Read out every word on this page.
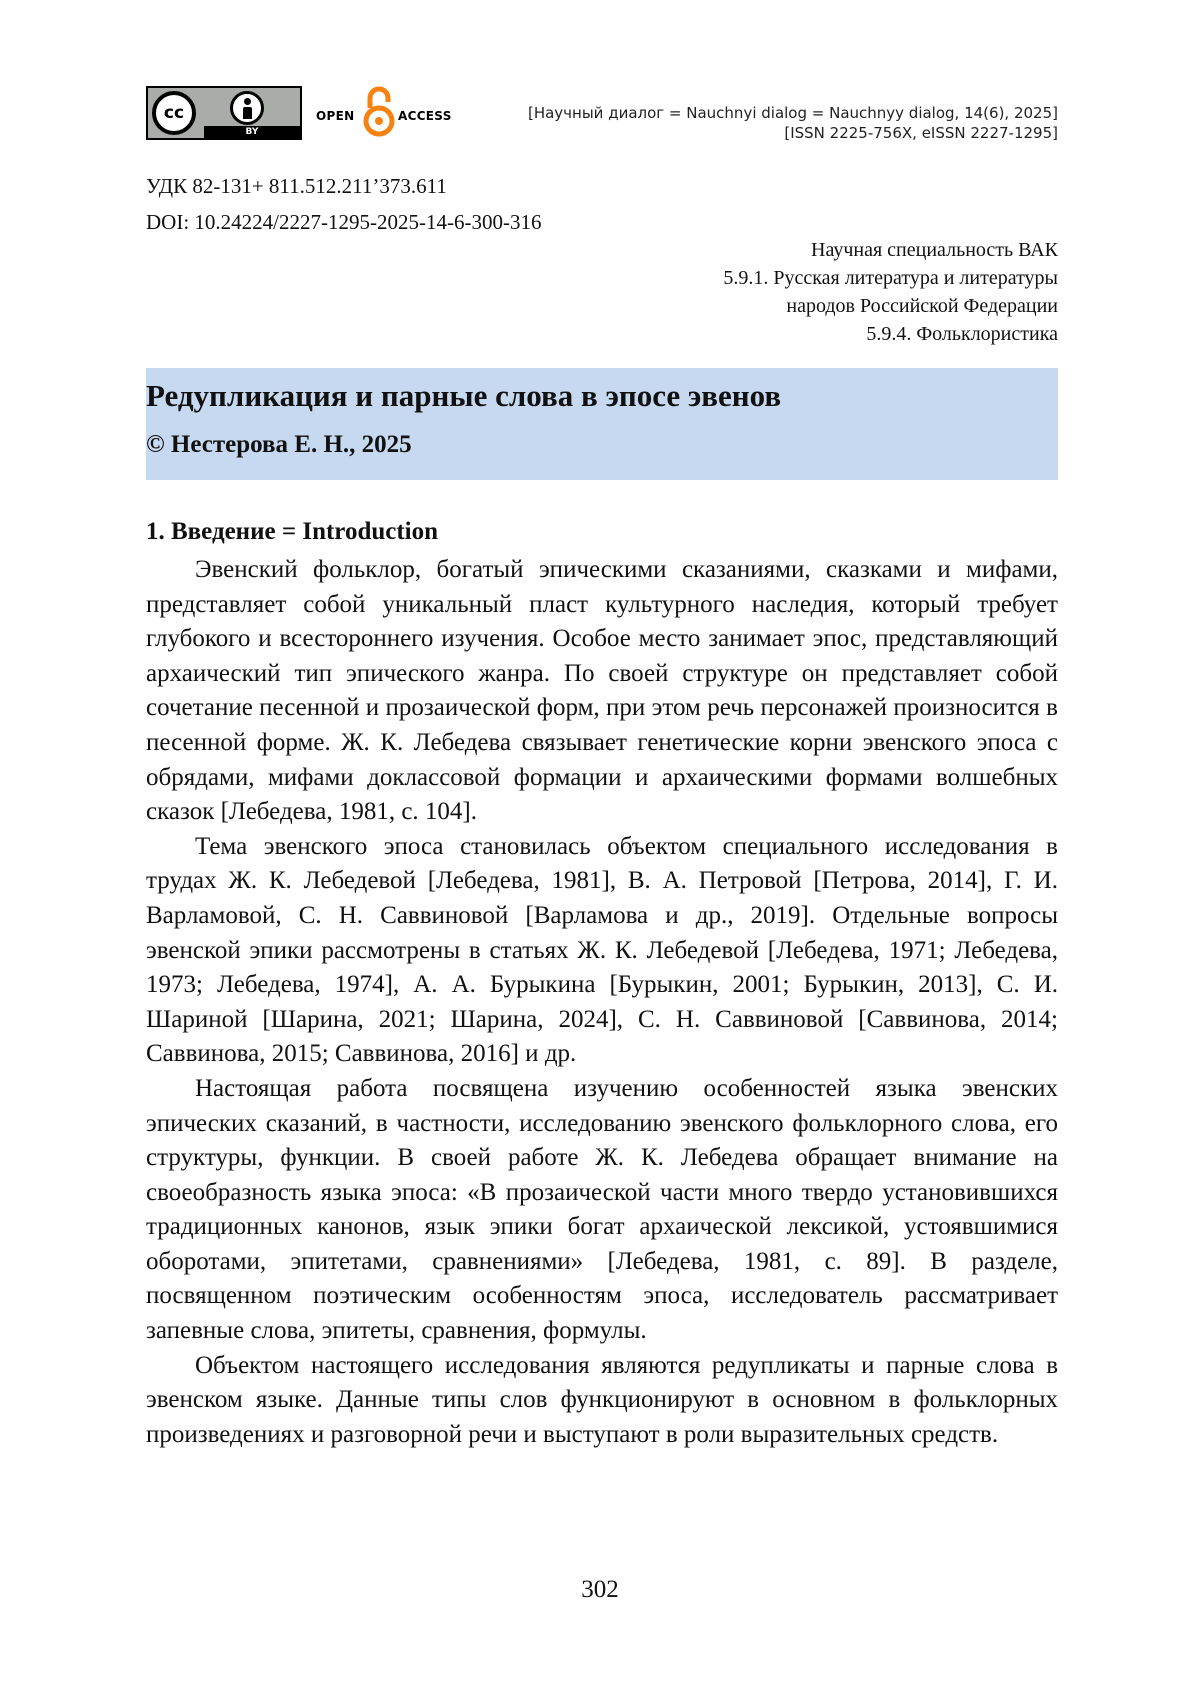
cc
BY
OPEN	ACCESS	[Научный диалог = Nauchnyi dialog = Nauchnyy dialog, 14(6), 2025]
[ISSN 2225-756X, eISSN 2227-1295]
УДК 82-131+ 811.512.211’373.611
DOI: 10.24224/2227-1295-2025-14-6-300-316
Научная специальность ВАК
5.9.1. Русская литература и литературы
народов Российской Федерации
5.9.4. Фольклористика
Редупликация и парные слова в эпосе эвенов
© Нестерова Е. Н., 2025
1. Введение = Introduction

Эвенский фольклор, богатый эпическими сказаниями, сказками и мифами, представляет собой уникальный пласт культурного наследия, который требует глубокого и всестороннего изучения. Особое место занимает эпос, представляющий архаический тип эпического жанра. По своей структуре он представляет собой сочетание песенной и прозаической форм, при этом речь персонажей произносится в песенной форме. Ж. К. Лебедева связывает генетические корни эвенского эпоса с обрядами, мифами доклассовой формации и архаическими формами волшебных сказок [Лебедева, 1981, с. 104].

Тема эвенского эпоса становилась объектом специального исследования в трудах Ж. К. Лебедевой [Лебедева, 1981], В. А. Петровой [Петрова, 2014], Г. И. Варламовой, С. Н. Саввиновой [Варламова и др., 2019]. Отдельные вопросы эвенской эпики рассмотрены в статьях Ж. К. Лебедевой [Лебедева, 1971; Лебедева, 1973; Лебедева, 1974], А. А. Бурыкина [Бурыкин, 2001; Бурыкин, 2013], С. И. Шариной [Шарина, 2021; Шарина, 2024], С. Н. Саввиновой [Саввинова, 2014; Саввинова, 2015; Саввинова, 2016] и др.

Настоящая работа посвящена изучению особенностей языка эвенских эпических сказаний, в частности, исследованию эвенского фольклорного слова, его структуры, функции. В своей работе Ж. К. Лебедева обращает внимание на своеобразность языка эпоса: «В прозаической части много твердо установившихся традиционных канонов, язык эпики богат архаической лексикой, устоявшимися оборотами, эпитетами, сравнениями» [Лебедева, 1981, с. 89]. В разделе, посвященном поэтическим особенностям эпоса, исследователь рассматривает запевные слова, эпитеты, сравнения, формулы.

Объектом настоящего исследования являются редупликаты и парные слова в эвенском языке. Данные типы слов функционируют в основном в фольклорных произведениях и разговорной речи и выступают в роли выразительных средств.

302
